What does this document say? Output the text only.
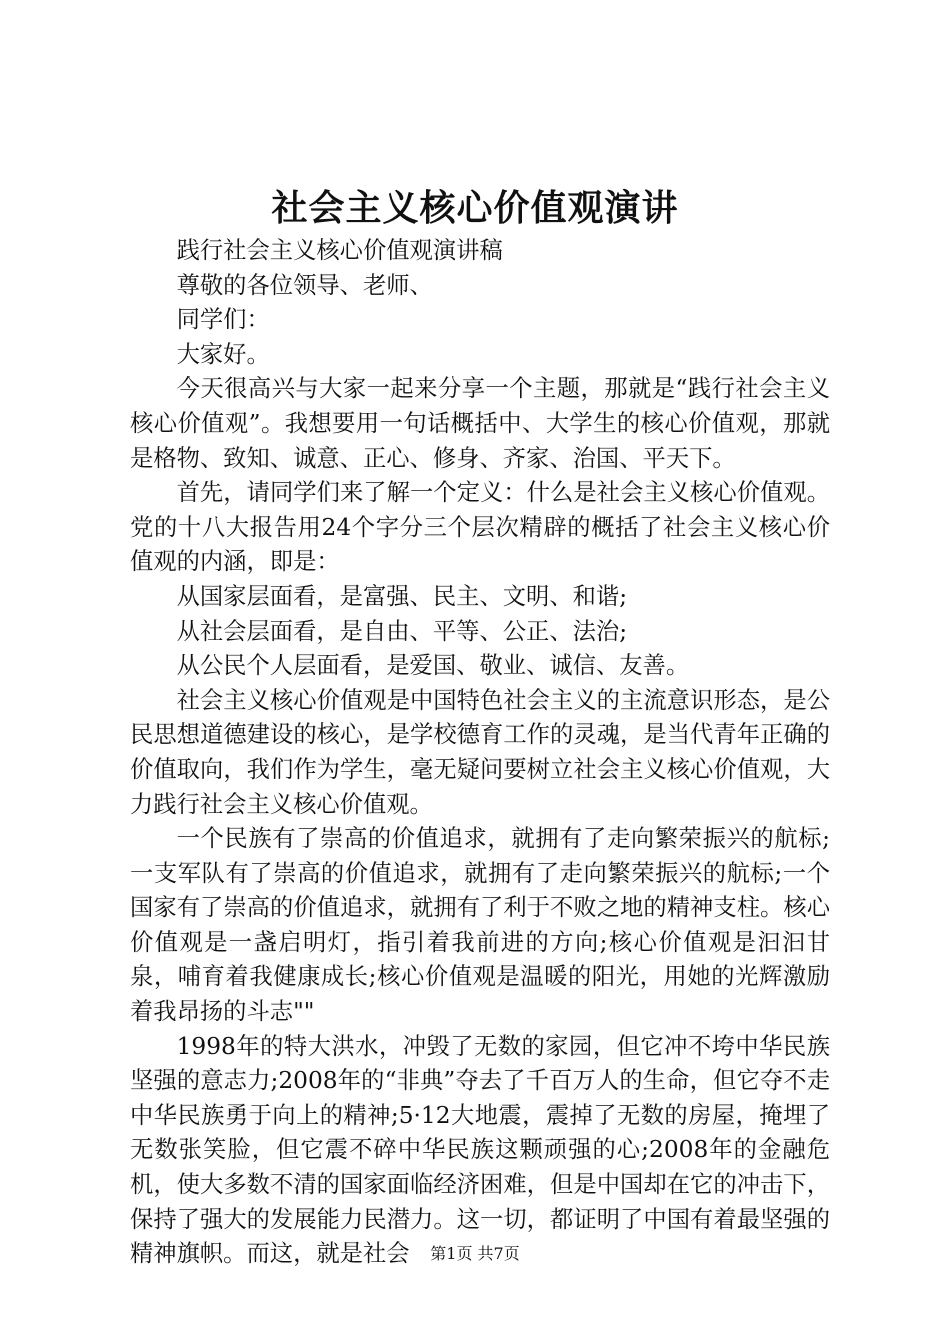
社会主义核心价值观演讲

践行社会主义核心价值观演讲稿

尊敬的各位领导、老师、

同学们：

大家好。

今天很高兴与大家一起来分享一个主题，那就是“践行社会主义核心价值观”。我想要用一句话概括中、大学生的核心价值观，那就是格物、致知、诚意、正心、修身、齐家、治国、平天下。

首先，请同学们来了解一个定义：什么是社会主义核心价值观。党的十八大报告用24个字分三个层次精辟的概括了社会主义核心价值观的内涵，即是：

从国家层面看，是富强、民主、文明、和谐;

从社会层面看，是自由、平等、公正、法治;

从公民个人层面看，是爱国、敬业、诚信、友善。

社会主义核心价值观是中国特色社会主义的主流意识形态，是公民思想道德建设的核心，是学校德育工作的灵魂，是当代青年正确的价值取向，我们作为学生，毫无疑问要树立社会主义核心价值观，大力践行社会主义核心价值观。

一个民族有了崇高的价值追求，就拥有了走向繁荣振兴的航标;一支军队有了崇高的价值追求，就拥有了走向繁荣振兴的航标;一个国家有了崇高的价值追求，就拥有了利于不败之地的精神支柱。核心价值观是一盏启明灯，指引着我前进的方向;核心价值观是汩汩甘泉，哺育着我健康成长;核心价值观是温暖的阳光，用她的光辉激励着我昂扬的斗志""

1998年的特大洪水，冲毁了无数的家园，但它冲不垮中华民族坚强的意志力;2008年的“非典”夺去了千百万人的生命，但它夺不走中华民族勇于向上的精神;5·12大地震，震掉了无数的房屋，掩埋了无数张笑脸，但它震不碎中华民族这颗顽强的心;2008年的金融危机，使大多数不清的国家面临经济困难，但是中国却在它的冲击下，保持了强大的发展能力民潜力。这一切，都证明了中国有着最坚强的精神旗帜。而这，就是社会	第1页 共7页
